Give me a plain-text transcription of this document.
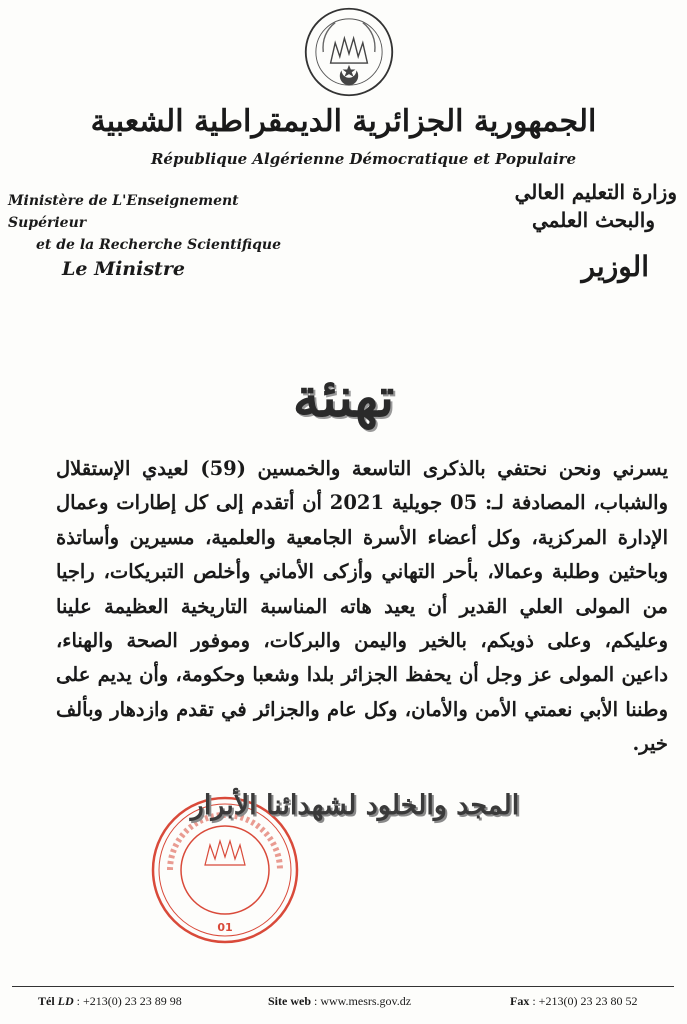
الجمهورية الجزائرية الديمقراطية الشعبية
République Algérienne Démocratique et Populaire
Ministère de L'Enseignement Supérieur
et de la Recherche Scientifique
وزارة التعليم العالي
والبحث العلمي
Le Ministre	الوزير
تهنئة
يسرني ونحن نحتفي بالذكرى التاسعة والخمسين (59) لعيدي الإستقلال والشباب، المصادفة لـ: 05 جويلية 2021 أن أتقدم إلى كل إطارات وعمال الإدارة المركزية، وكل أعضاء الأسرة الجامعية والعلمية، مسيرين وأساتذة وباحثين وطلبة وعمالا، بأحر التهاني وأزكى الأماني وأخلص التبريكات، راجيا من المولى العلي القدير أن يعيد هاته المناسبة التاريخية العظيمة علينا وعليكم، وعلى ذويكم، بالخير واليمن والبركات، وموفور الصحة والهناء، داعين المولى عز وجل أن يحفظ الجزائر بلدا وشعبا وحكومة، وأن يديم على وطننا الأبي نعمتي الأمن والأمان، وكل عام والجزائر في تقدم وازدهار وبألف خير.
01
المجد والخلود لشهدائنا الأبرار
Tél LD : +213(0) 23 23 89 98	Site web : www.mesrs.gov.dz	Fax : +213(0) 23 23 80 52
